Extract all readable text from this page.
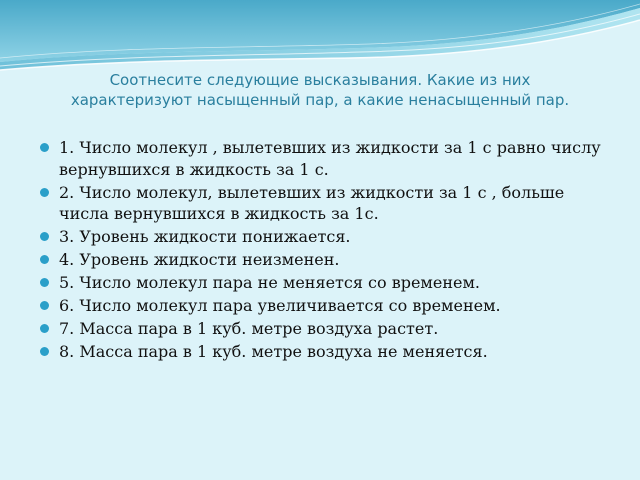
Соотнесите следующие высказывания. Какие из них
характеризуют насыщенный пар, а какие ненасыщенный пар.
1. Число молекул , вылетевших из жидкости за 1 с равно числу вернувшихся в жидкость за 1 с.
2. Число молекул, вылетевших из жидкости за 1 с , больше числа вернувшихся в жидкость за 1с.
3. Уровень жидкости понижается.
4. Уровень жидкости неизменен.
5. Число молекул пара не меняется со временем.
6. Число молекул пара увеличивается со временем.
7. Масса пара в 1 куб. метре воздуха растет.
8. Масса пара в 1 куб. метре воздуха не меняется.
